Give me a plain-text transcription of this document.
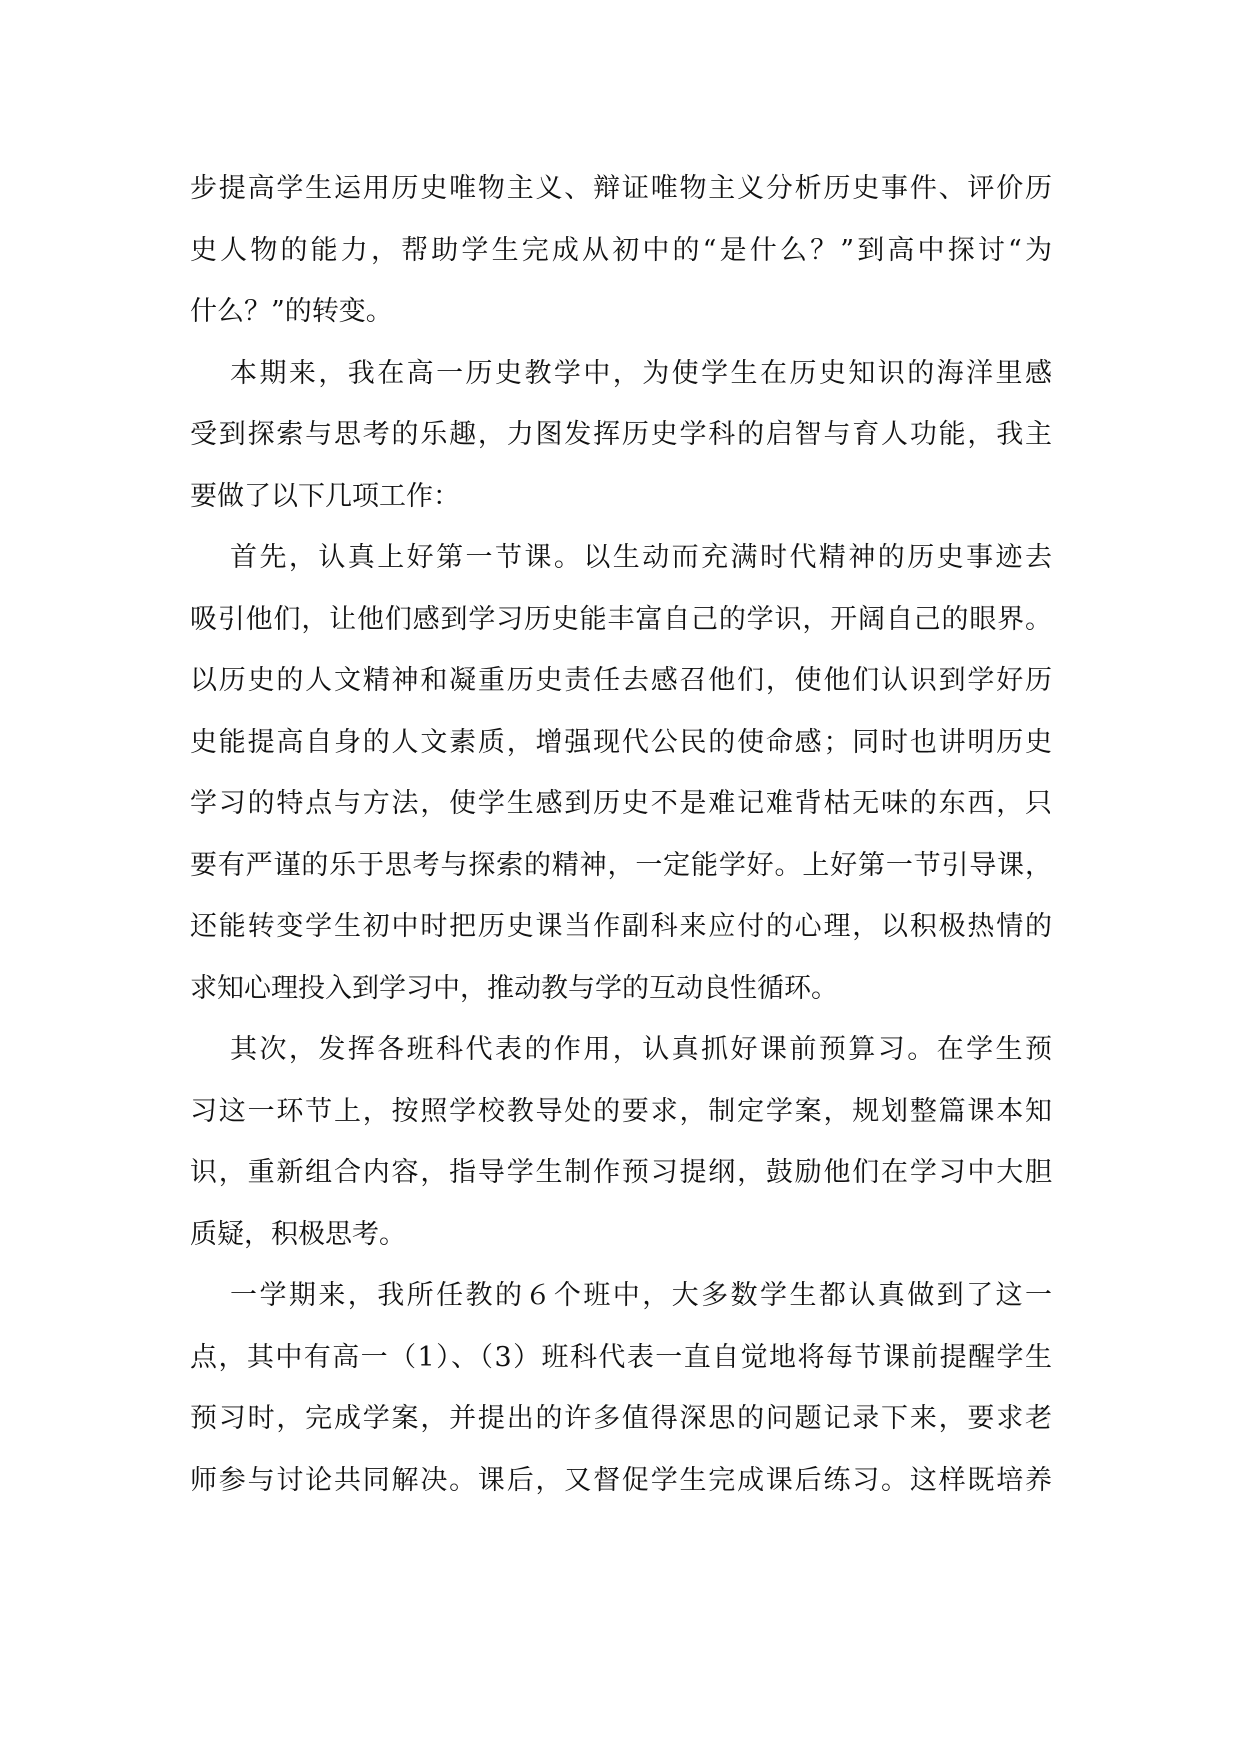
步提高学生运用历史唯物主义、辩证唯物主义分析历史事件、评价历
史人物的能力，帮助学生完成从初中的“是什么？”到高中探讨“为
什么？”的转变。
本期来，我在高一历史教学中，为使学生在历史知识的海洋里感
受到探索与思考的乐趣，力图发挥历史学科的启智与育人功能，我主
要做了以下几项工作：
首先，认真上好第一节课。以生动而充满时代精神的历史事迹去
吸引他们，让他们感到学习历史能丰富自己的学识，开阔自己的眼界。
以历史的人文精神和凝重历史责任去感召他们，使他们认识到学好历
史能提高自身的人文素质，增强现代公民的使命感；同时也讲明历史
学习的特点与方法，使学生感到历史不是难记难背枯无味的东西，只
要有严谨的乐于思考与探索的精神，一定能学好。上好第一节引导课，
还能转变学生初中时把历史课当作副科来应付的心理，以积极热情的
求知心理投入到学习中，推动教与学的互动良性循环。
其次，发挥各班科代表的作用，认真抓好课前预算习。在学生预
习这一环节上，按照学校教导处的要求，制定学案，规划整篇课本知
识，重新组合内容，指导学生制作预习提纲，鼓励他们在学习中大胆
质疑，积极思考。
一学期来，我所任教的６个班中，大多数学生都认真做到了这一
点，其中有高一（1）、（3）班科代表一直自觉地将每节课前提醒学生
预习时，完成学案，并提出的许多值得深思的问题记录下来，要求老
师参与讨论共同解决。课后，又督促学生完成课后练习。这样既培养
